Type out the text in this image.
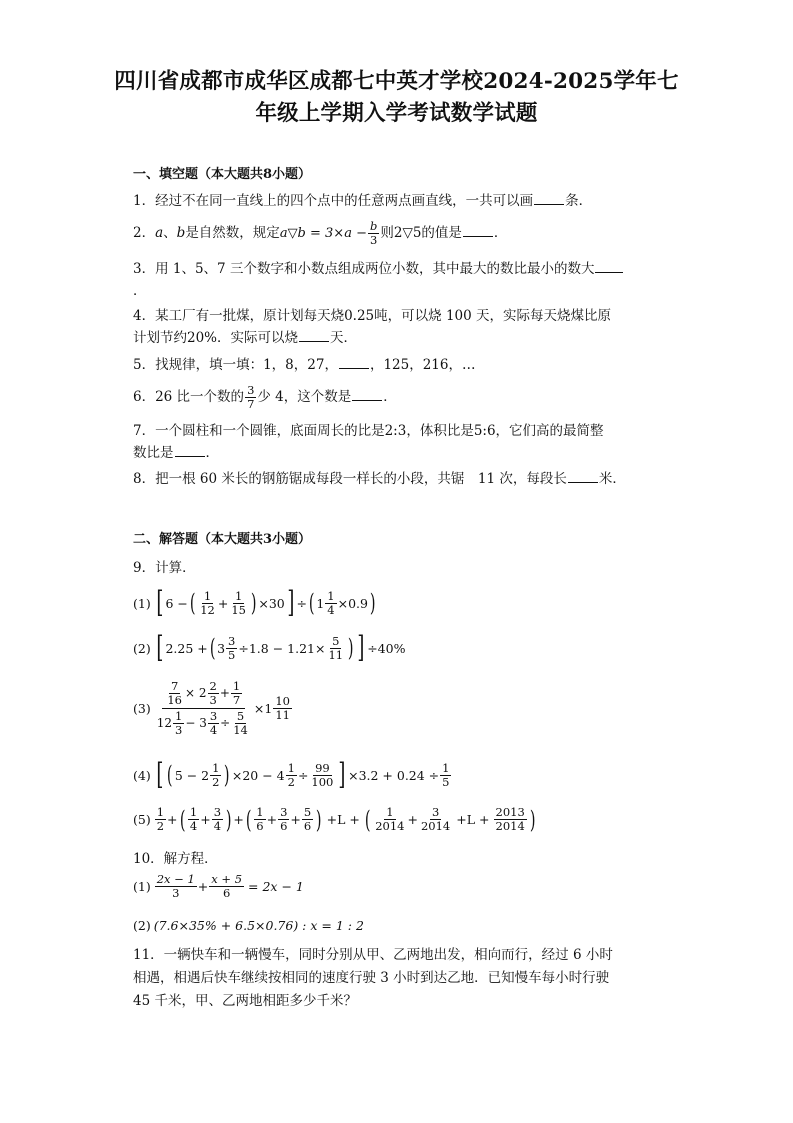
四川省成都市成华区成都七中英才学校2024-2025学年七
年级上学期入学考试数学试题
一、填空题（本大题共8小题）
1．经过不在同一直线上的四个点中的任意两点画直线，一共可以画 条．
2．a、b是自然数，规定a▽b = $3\times a - \frac{b}{3}$ 则2▽5的值是 ．
3．用 1、5、7 三个数字和小数点组成两位小数，其中最大的数比最小的数大
．
4．某工厂有一批煤，原计划每天烧0.25吨，可以烧 100 天，实际每天烧煤比原
计划节约20%．实际可以烧 天．
5．找规律，填一填：1，8，27， ，125，216，…
6．26 比一个数的 $\frac{3}{7}$ 少 4，这个数是 ．
7．一个圆柱和一个圆锥，底面周长的比是2:3，体积比是5:6，它们高的最简整
数比是 ．
8．把一根 60 米长的钢筋锯成每段一样长的小段，共锯　11 次，每段长 米．
二、解答题（本大题共3小题）
9．计算．
(1) [ 6 − ( $\frac{1}{12} + \frac{1}{15}$ ) ×30 ] ÷ ( $1 \frac{1}{4} \times 0.9$ )
(2) [ 2.25 + ( $3 \frac{3}{5} \div 1.8 - 1.21\times \frac{5}{11}$ ) ] ÷40%
$(3) \frac{\frac{7}{16} \times 2 \frac{2}{3} + \frac{1}{7}}{12 \frac{1}{3} - 3 \frac{3}{4} \div \frac{5}{14}} \times 1 \frac{10}{11}$
(4) [ ( $5 - 2 \frac{1}{2}$ ) $\times 20 - 4 \frac{1}{2} \div \frac{99}{100}$ ] $\times 3.2 + 0.24 \div \frac{1}{5}$
$(5) \frac{1}{2}$ + ( $\frac{1}{4} + \frac{3}{4}$ ) + ( $\frac{1}{6} + \frac{3}{6} + \frac{5}{6}$ ) +L + ( $\frac{1}{2014} + \frac{3}{2014} +L + \frac{2013}{2014}$ )
10．解方程．
$(1) \frac{2x - 1}{3} + \frac{x + 5}{6} = 2x - 1$
(2) (7.6×35% + 6.5×0.76) : x = 1 : 2
11．一辆快车和一辆慢车，同时分别从甲、乙两地出发，相向而行，经过 6 小时
相遇，相遇后快车继续按相同的速度行驶 3 小时到达乙地．已知慢车每小时行驶
45 千米，甲、乙两地相距多少千米？
